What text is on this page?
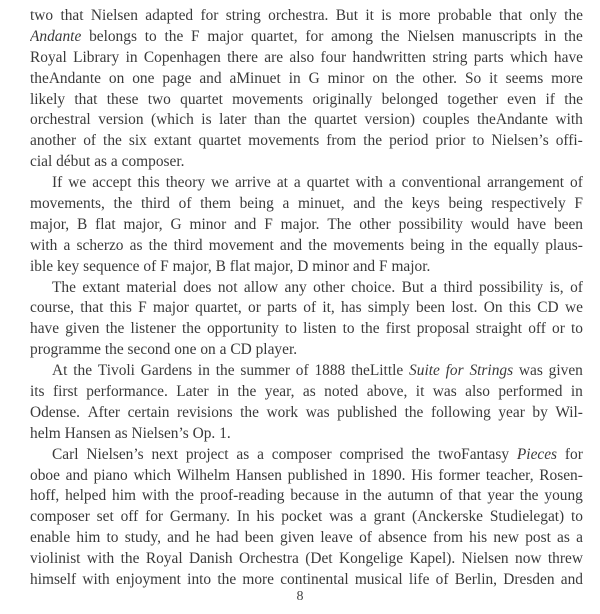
two that Nielsen adapted for string orchestra. But it is more probable that only the
Andante belongs to the F major quartet, for among the Nielsen manuscripts in the
Royal Library in Copenhagen there are also four handwritten string parts which have
theAndante on one page and aMinuet in G minor on the other. So it seems more
likely that these two quartet movements originally belonged together even if the
orchestral version (which is later than the quartet version) couples theAndante with
another of the six extant quartet movements from the period prior to Nielsen’s offi-
cial début as a composer.
If we accept this theory we arrive at a quartet with a conventional arrangement of
movements, the third of them being a minuet, and the keys being respectively F
major, B flat major, G minor and F major. The other possibility would have been
with a scherzo as the third movement and the movements being in the equally plaus-
ible key sequence of F major, B flat major, D minor and F major.
The extant material does not allow any other choice. But a third possibility is, of
course, that this F major quartet, or parts of it, has simply been lost. On this CD we
have given the listener the opportunity to listen to the first proposal straight off or to
programme the second one on a CD player.
At the Tivoli Gardens in the summer of 1888 theLittle Suite for Strings was given
its first performance. Later in the year, as noted above, it was also performed in
Odense. After certain revisions the work was published the following year by Wil-
helm Hansen as Nielsen’s Op. 1.
Carl Nielsen’s next project as a composer comprised the twoFantasy Pieces for
oboe and piano which Wilhelm Hansen published in 1890. His former teacher, Rosen-
hoff, helped him with the proof-reading because in the autumn of that year the young
composer set off for Germany. In his pocket was a grant (Anckerske Studielegat) to
enable him to study, and he had been given leave of absence from his new post as a
violinist with the Royal Danish Orchestra (Det Kongelige Kapel). Nielsen now threw
himself with enjoyment into the more continental musical life of Berlin, Dresden and
8
